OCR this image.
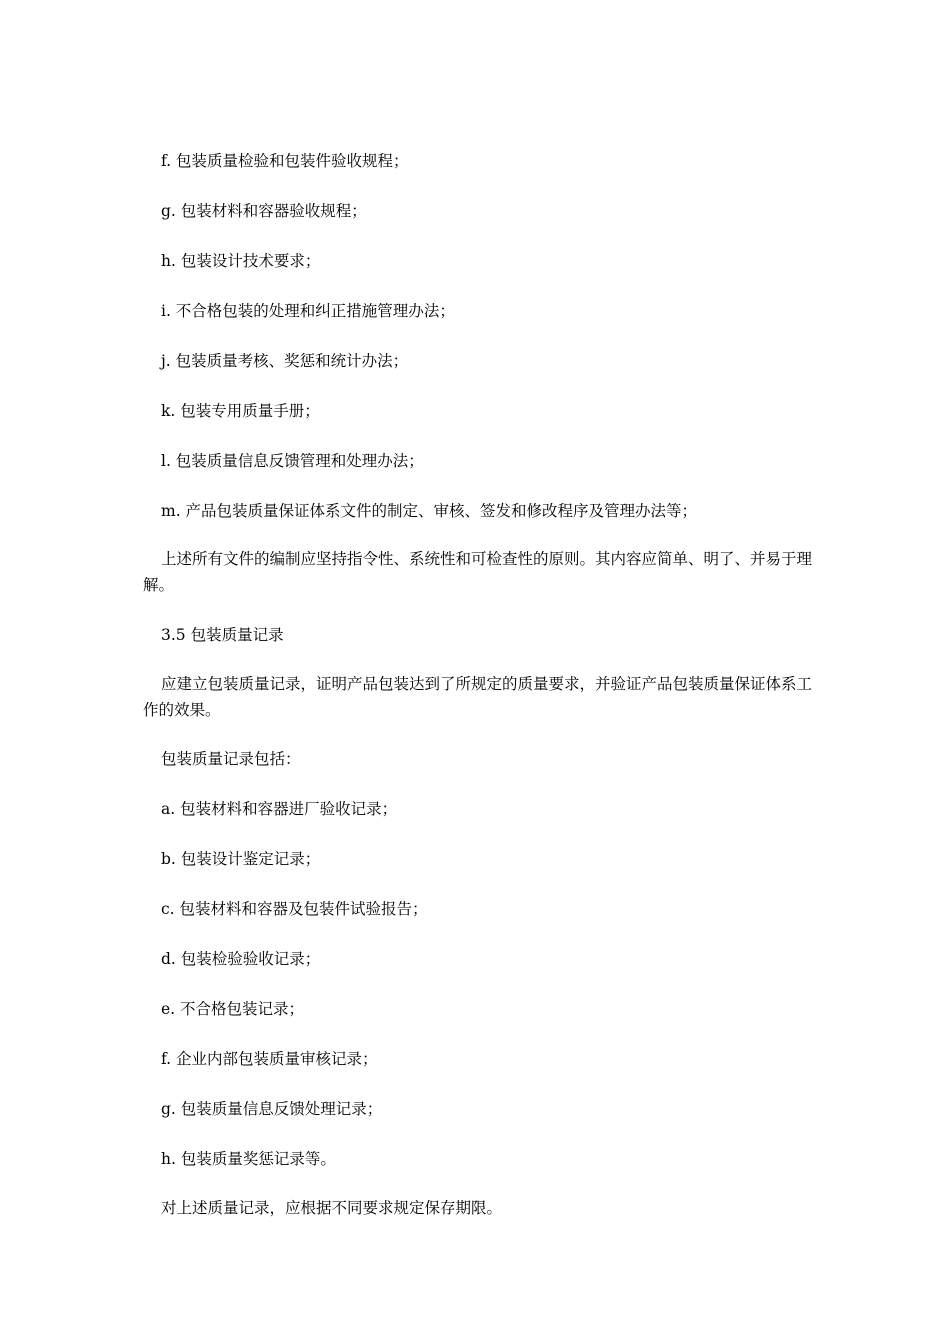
f. 包装质量检验和包装件验收规程；

g. 包装材料和容器验收规程；

h. 包装设计技术要求；

i. 不合格包装的处理和纠正措施管理办法；

j. 包装质量考核、奖惩和统计办法；

k. 包装专用质量手册；

l. 包装质量信息反馈管理和处理办法；

m. 产品包装质量保证体系文件的制定、审核、签发和修改程序及管理办法等；

上述所有文件的编制应坚持指令性、系统性和可检查性的原则。其内容应简单、明了、并易于理解。

3.5 包装质量记录

应建立包装质量记录，证明产品包装达到了所规定的质量要求，并验证产品包装质量保证体系工作的效果。

包装质量记录包括：

a. 包装材料和容器进厂验收记录；

b. 包装设计鉴定记录；

c. 包装材料和容器及包装件试验报告；

d. 包装检验验收记录；

e. 不合格包装记录；

f. 企业内部包装质量审核记录；

g. 包装质量信息反馈处理记录；

h. 包装质量奖惩记录等。

对上述质量记录，应根据不同要求规定保存期限。
